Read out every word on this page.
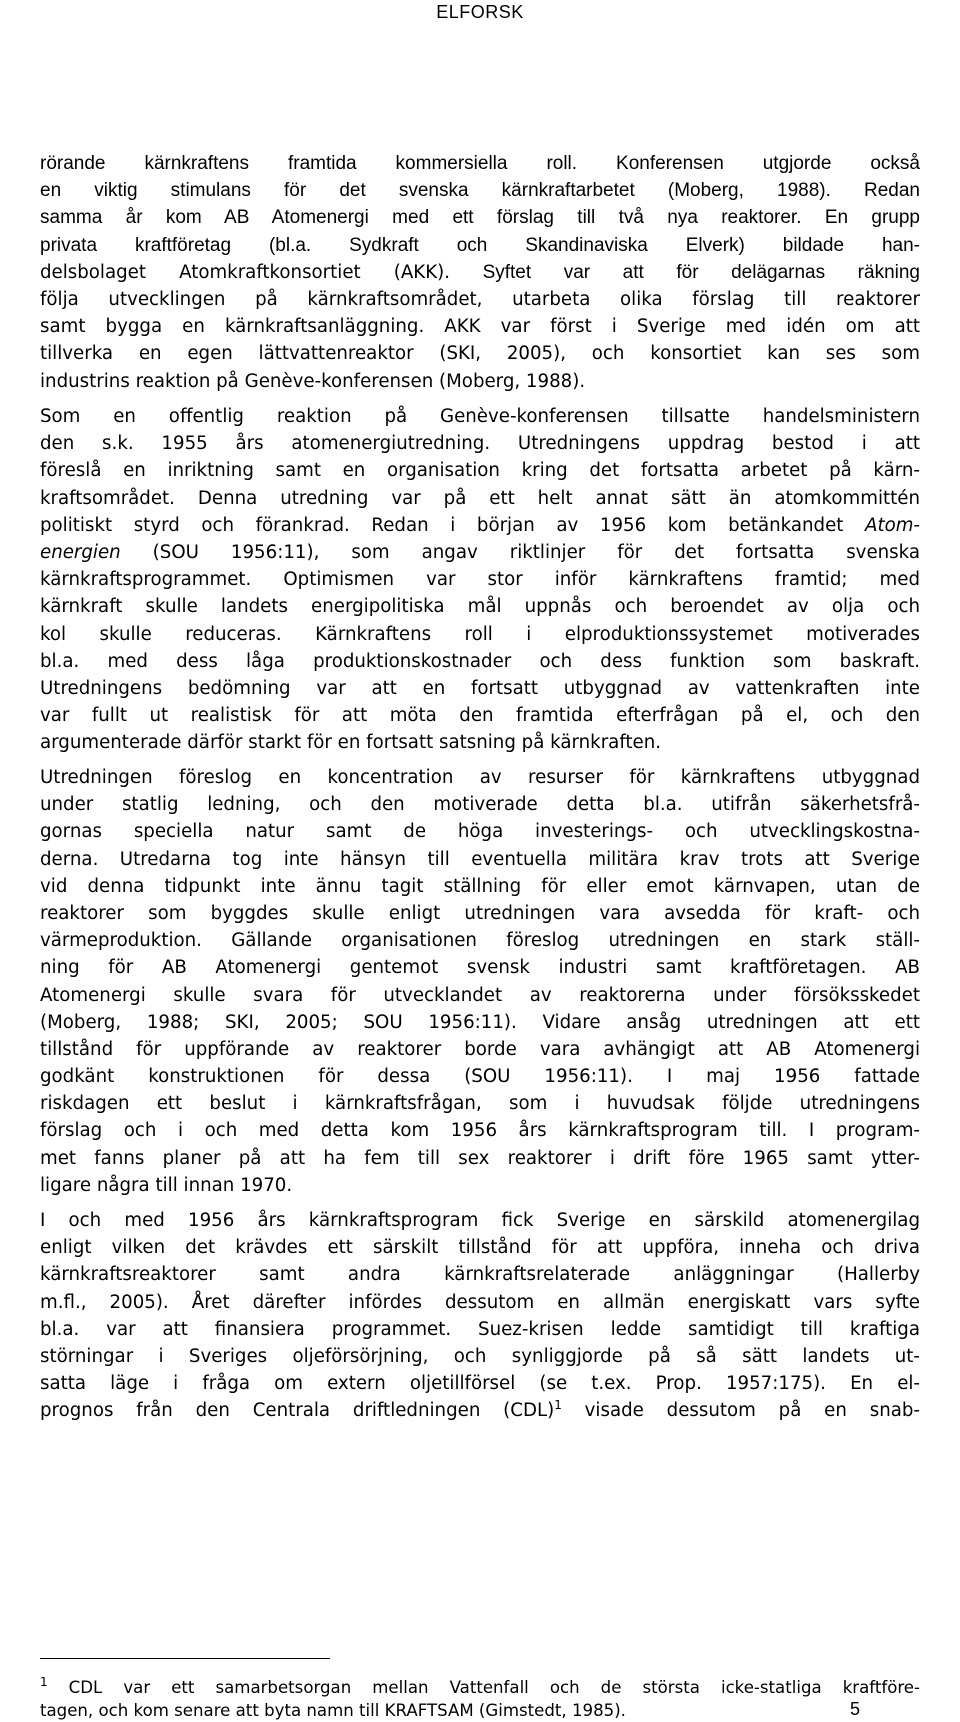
ELFORSK
rörande kärnkraftens framtida kommersiella roll. Konferensen utgjorde också
en viktig stimulans för det svenska kärnkraftarbetet (Moberg, 1988). Redan
samma år kom AB Atomenergi med ett förslag till två nya reaktorer. En grupp
privata kraftföretag (bl.a. Sydkraft och Skandinaviska Elverk) bildade han-
delsbolaget Atomkraftkonsortiet (AKK). Syftet var att för delägarnas räkning
följa utvecklingen på kärnkraftsområdet, utarbeta olika förslag till reaktorer
samt bygga en kärnkraftsanläggning. AKK var först i Sverige med idén om att
tillverka en egen lättvattenreaktor (SKI, 2005), och konsortiet kan ses som
industrins reaktion på Genève-konferensen (Moberg, 1988).
Som en offentlig reaktion på Genève-konferensen tillsatte handelsministern
den s.k. 1955 års atomenergiutredning. Utredningens uppdrag bestod i att
föreslå en inriktning samt en organisation kring det fortsatta arbetet på kärn-
kraftsområdet. Denna utredning var på ett helt annat sätt än atomkommittén
politiskt styrd och förankrad. Redan i början av 1956 kom betänkandet Atom-
energien (SOU 1956:11), som angav riktlinjer för det fortsatta svenska
kärnkraftsprogrammet. Optimismen var stor inför kärnkraftens framtid; med
kärnkraft skulle landets energipolitiska mål uppnås och beroendet av olja och
kol skulle reduceras. Kärnkraftens roll i elproduktionssystemet motiverades
bl.a. med dess låga produktionskostnader och dess funktion som baskraft.
Utredningens bedömning var att en fortsatt utbyggnad av vattenkraften inte
var fullt ut realistisk för att möta den framtida efterfrågan på el, och den
argumenterade därför starkt för en fortsatt satsning på kärnkraften.
Utredningen föreslog en koncentration av resurser för kärnkraftens utbyggnad
under statlig ledning, och den motiverade detta bl.a. utifrån säkerhetsfrå-
gornas speciella natur samt de höga investerings- och utvecklingskostna-
derna. Utredarna tog inte hänsyn till eventuella militära krav trots att Sverige
vid denna tidpunkt inte ännu tagit ställning för eller emot kärnvapen, utan de
reaktorer som byggdes skulle enligt utredningen vara avsedda för kraft- och
värmeproduktion. Gällande organisationen föreslog utredningen en stark ställ-
ning för AB Atomenergi gentemot svensk industri samt kraftföretagen. AB
Atomenergi skulle svara för utvecklandet av reaktorerna under försöksskedet
(Moberg, 1988; SKI, 2005; SOU 1956:11). Vidare ansåg utredningen att ett
tillstånd för uppförande av reaktorer borde vara avhängigt att AB Atomenergi
godkänt konstruktionen för dessa (SOU 1956:11). I maj 1956 fattade
riskdagen ett beslut i kärnkraftsfrågan, som i huvudsak följde utredningens
förslag och i och med detta kom 1956 års kärnkraftsprogram till. I program-
met fanns planer på att ha fem till sex reaktorer i drift före 1965 samt ytter-
ligare några till innan 1970.
I och med 1956 års kärnkraftsprogram fick Sverige en särskild atomenergilag
enligt vilken det krävdes ett särskilt tillstånd för att uppföra, inneha och driva
kärnkraftsreaktorer samt andra kärnkraftsrelaterade anläggningar (Hallerby
m.fl., 2005). Året därefter infördes dessutom en allmän energiskatt vars syfte
bl.a. var att finansiera programmet. Suez-krisen ledde samtidigt till kraftiga
störningar i Sveriges oljeförsörjning, och synliggjorde på så sätt landets ut-
satta läge i fråga om extern oljetillförsel (se t.ex. Prop. 1957:175). En el-
prognos från den Centrala driftledningen (CDL)$^1$ visade dessutom på en snab-
$^1$ CDL var ett samarbetsorgan mellan Vattenfall och de största icke-statliga kraftföre-
tagen, och kom senare att byta namn till KRAFTSAM (Gimstedt, 1985).	5
